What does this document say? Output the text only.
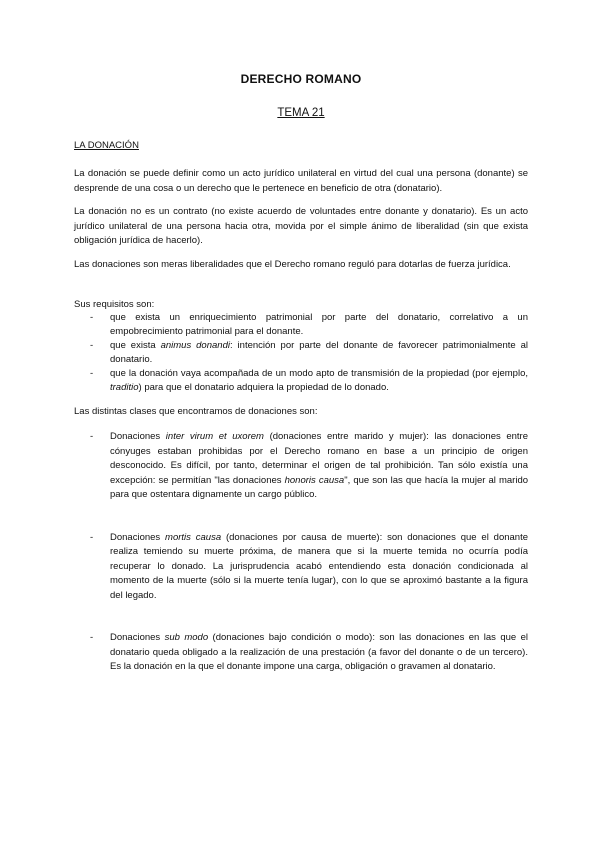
DERECHO ROMANO
TEMA 21
LA DONACIÓN

La donación se puede definir como un acto jurídico unilateral en virtud del cual una persona (donante) se desprende de una cosa o un derecho que le pertenece en beneficio de otra (donatario).

La donación no es un contrato (no existe acuerdo de voluntades entre donante y donatario). Es un acto jurídico unilateral de una persona hacia otra, movida por el simple ánimo de liberalidad (sin que exista obligación jurídica de hacerlo).

Las donaciones son meras liberalidades que el Derecho romano reguló para dotarlas de fuerza jurídica.

Sus requisitos son:

- que exista un enriquecimiento patrimonial por parte del donatario, correlativo a un empobrecimiento patrimonial para el donante.
- que exista animus donandi: intención por parte del donante de favorecer patrimonialmente al donatario.
- que la donación vaya acompañada de un modo apto de transmisión de la propiedad (por ejemplo, traditio) para que el donatario adquiera la propiedad de lo donado.

Las distintas clases que encontramos de donaciones son:

- Donaciones inter virum et uxorem (donaciones entre marido y mujer): las donaciones entre cónyuges estaban prohibidas por el Derecho romano en base a un principio de origen desconocido. Es difícil, por tanto, determinar el origen de tal prohibición. Tan sólo existía una excepción: se permitían "las donaciones honoris causa", que son las que hacía la mujer al marido para que ostentara dignamente un cargo público.
- Donaciones mortis causa (donaciones por causa de muerte): son donaciones que el donante realiza temiendo su muerte próxima, de manera que si la muerte temida no ocurría podía recuperar lo donado. La jurisprudencia acabó entendiendo esta donación condicionada al momento de la muerte (sólo si la muerte tenía lugar), con lo que se aproximó bastante a la figura del legado.
- Donaciones sub modo (donaciones bajo condición o modo): son las donaciones en las que el donatario queda obligado a la realización de una prestación (a favor del donante o de un tercero). Es la donación en la que el donante impone una carga, obligación o gravamen al donatario.
